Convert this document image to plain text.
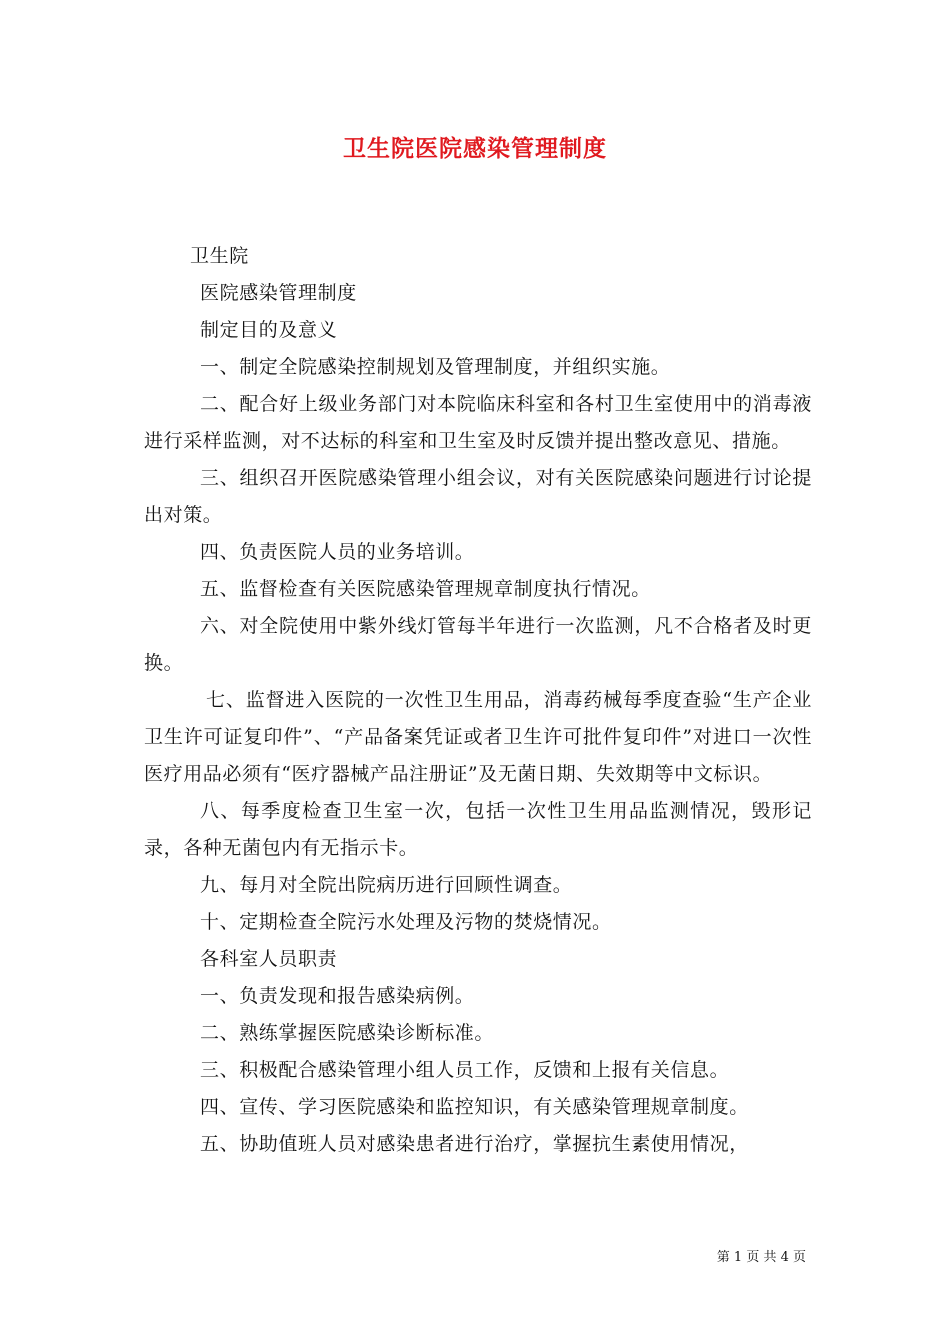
卫生院医院感染管理制度

卫生院

医院感染管理制度

制定目的及意义

一、制定全院感染控制规划及管理制度，并组织实施。

二、配合好上级业务部门对本院临床科室和各村卫生室使用中的消毒液进行采样监测，对不达标的科室和卫生室及时反馈并提出整改意见、措施。

三、组织召开医院感染管理小组会议，对有关医院感染问题进行讨论提出对策。

四、负责医院人员的业务培训。

五、监督检查有关医院感染管理规章制度执行情况。

六、对全院使用中紫外线灯管每半年进行一次监测，凡不合格者及时更换。

七、监督进入医院的一次性卫生用品，消毒药械每季度查验“生产企业卫生许可证复印件”、“产品备案凭证或者卫生许可批件复印件”对进口一次性医疗用品必须有“医疗器械产品注册证”及无菌日期、失效期等中文标识。

八、每季度检查卫生室一次，包括一次性卫生用品监测情况，毁形记录，各种无菌包内有无指示卡。

九、每月对全院出院病历进行回顾性调查。

十、定期检查全院污水处理及污物的焚烧情况。

各科室人员职责

一、负责发现和报告感染病例。

二、熟练掌握医院感染诊断标准。

三、积极配合感染管理小组人员工作，反馈和上报有关信息。

四、宣传、学习医院感染和监控知识，有关感染管理规章制度。

五、协助值班人员对感染患者进行治疗，掌握抗生素使用情况，

第 1 页 共 4 页
